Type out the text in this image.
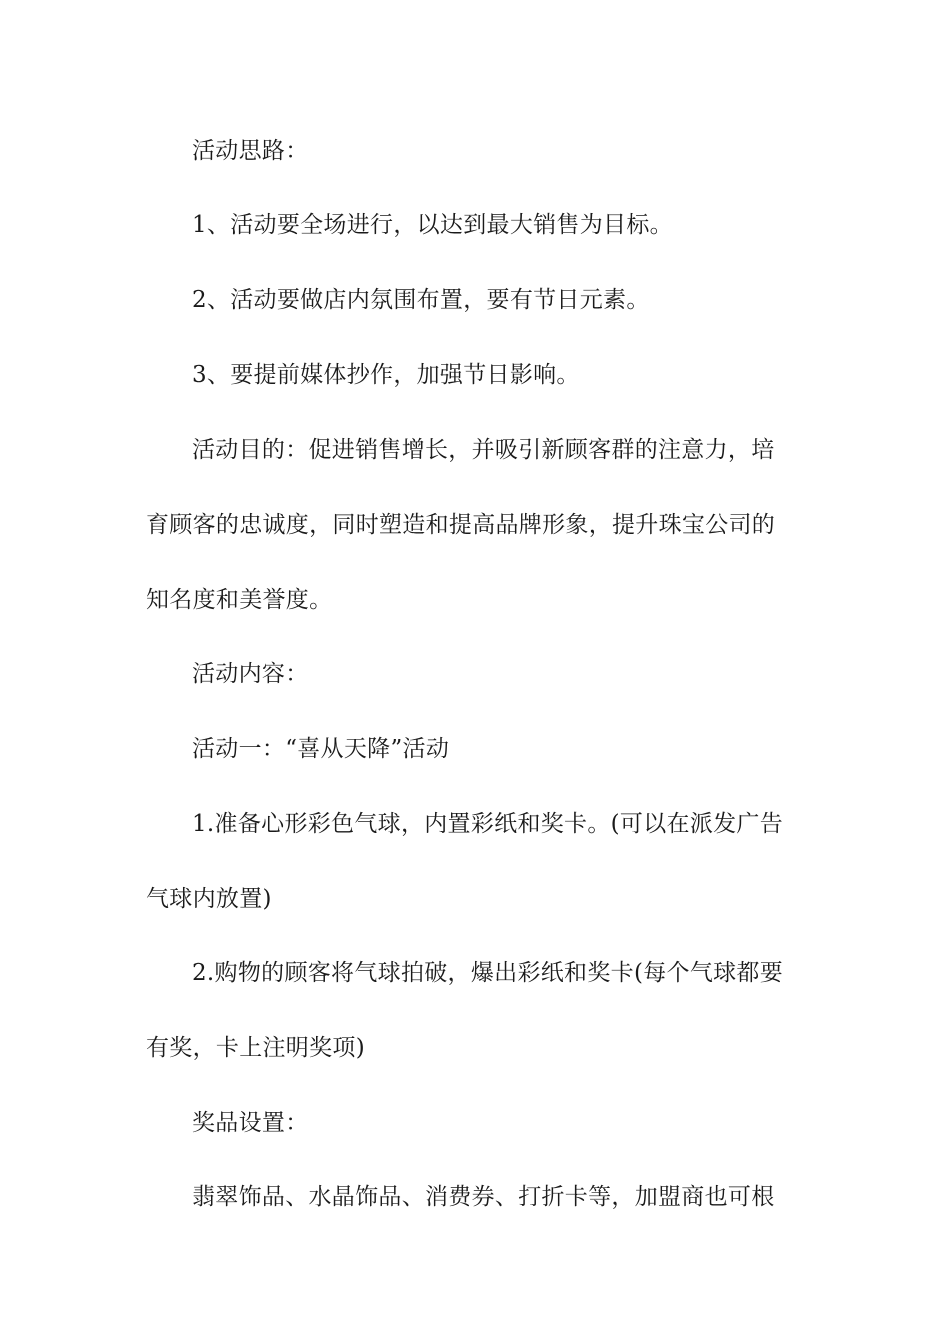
活动思路：
1、活动要全场进行，以达到最大销售为目标。
2、活动要做店内氛围布置，要有节日元素。
3、要提前媒体抄作，加强节日影响。
活动目的：促进销售增长，并吸引新顾客群的注意力，培
育顾客的忠诚度，同时塑造和提高品牌形象，提升珠宝公司的
知名度和美誉度。
活动内容：
活动一：“喜从天降”活动
1.准备心形彩色气球，内置彩纸和奖卡。(可以在派发广告
气球内放置)
2.购物的顾客将气球拍破，爆出彩纸和奖卡(每个气球都要
有奖，卡上注明奖项)
奖品设置：
翡翠饰品、水晶饰品、消费券、打折卡等，加盟商也可根
